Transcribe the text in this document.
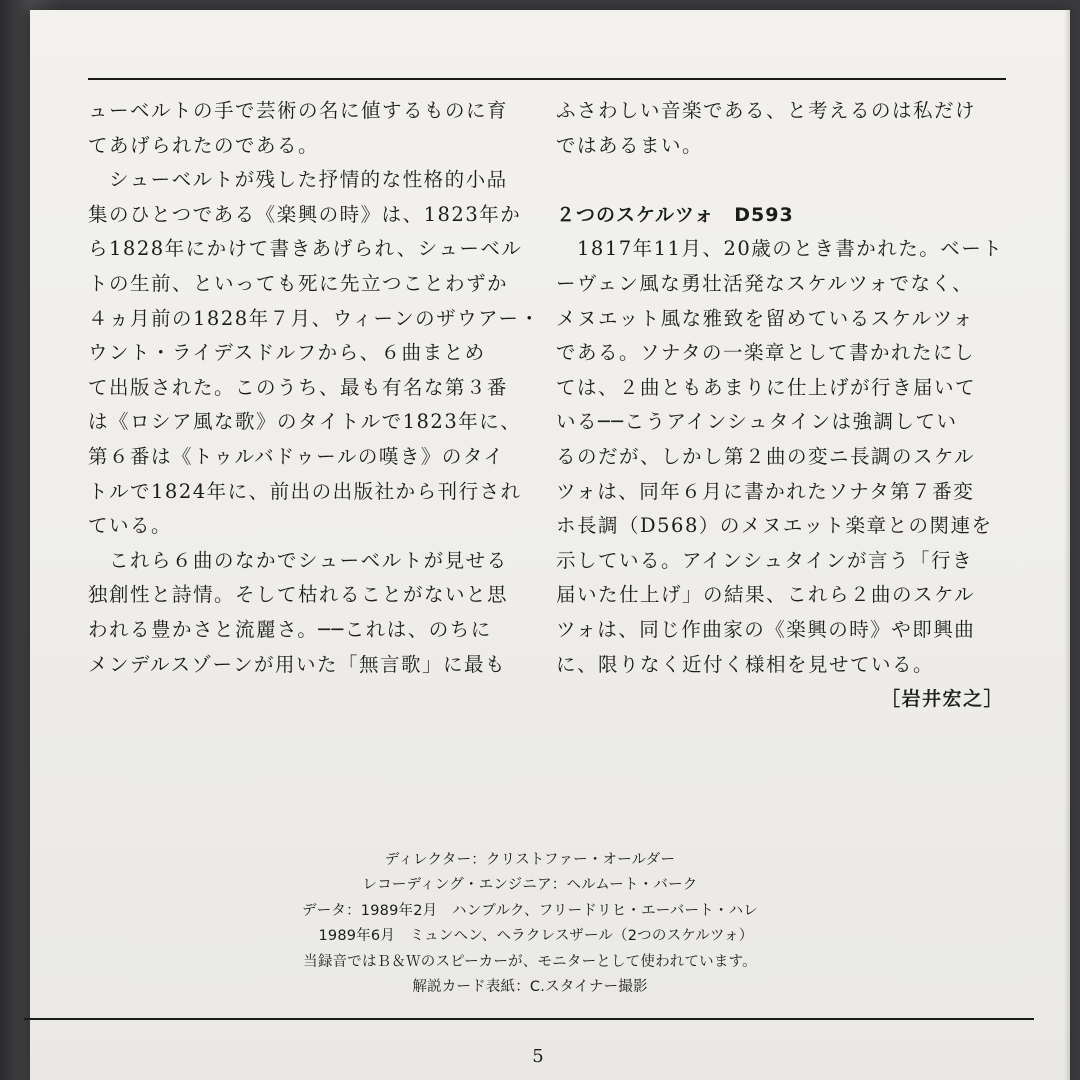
ューベルトの手で芸術の名に値するものに育
てあげられたのである。
　シューベルトが残した抒情的な性格的小品
集のひとつである《楽興の時》は、1823年か
ら1828年にかけて書きあげられ、シューベル
トの生前、といっても死に先立つことわずか
４ヵ月前の1828年７月、ウィーンのザウアー・
ウント・ライデスドルフから、６曲まとめ
て出版された。このうち、最も有名な第３番
は《ロシア風な歌》のタイトルで1823年に、
第６番は《トゥルバドゥールの嘆き》のタイ
トルで1824年に、前出の出版社から刊行され
ている。
　これら６曲のなかでシューベルトが見せる
独創性と詩情。そして枯れることがないと思
われる豊かさと流麗さ。──これは、のちに
メンデルスゾーンが用いた「無言歌」に最も
ふさわしい音楽である、と考えるのは私だけ
ではあるまい。
２つのスケルツォ　D593
　1817年11月、20歳のとき書かれた。ベート
ーヴェン風な勇壮活発なスケルツォでなく、
メヌエット風な雅致を留めているスケルツォ
である。ソナタの一楽章として書かれたにし
ては、２曲ともあまりに仕上げが行き届いて
いる──こうアインシュタインは強調してい
るのだが、しかし第２曲の変ニ長調のスケル
ツォは、同年６月に書かれたソナタ第７番変
ホ長調（D568）のメヌエット楽章との関連を
示している。アインシュタインが言う「行き
届いた仕上げ」の結果、これら２曲のスケル
ツォは、同じ作曲家の《楽興の時》や即興曲
に、限りなく近付く様相を見せている。
［岩井宏之］
ディレクター：クリストファー・オールダー
レコーディング・エンジニア：ヘルムート・バーク
データ：1989年2月　ハンブルク、フリードリヒ・エーバート・ハレ
1989年6月　ミュンヘン、ヘラクレスザール（2つのスケルツォ）
当録音ではＢ＆Ｗのスピーカーが、モニターとして使われています。
解説カード表紙：C.スタイナー撮影
5
